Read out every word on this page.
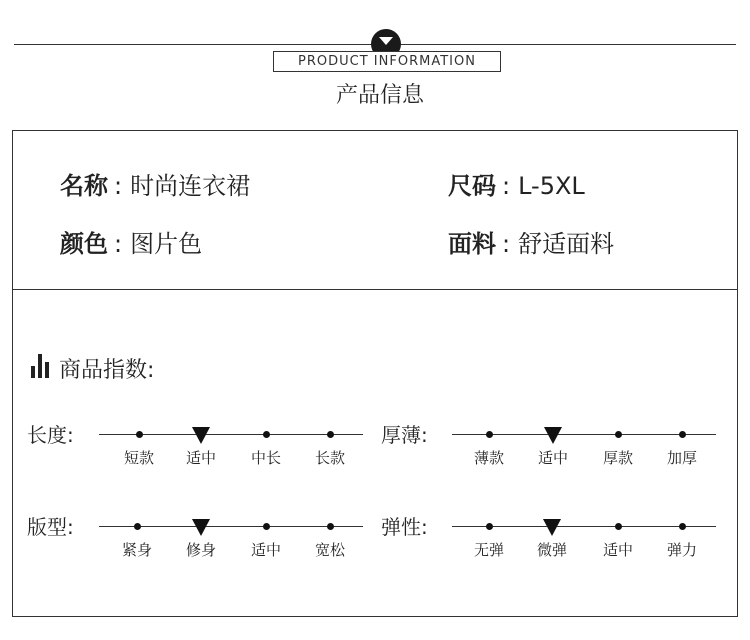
PRODUCT INFORMATION
产品信息
名称 : 时尚连衣裙	尺码 : L-5XL
颜色 : 图片色	面料 : 舒适面料
商品指数:
长度:
短款	适中	中长	长款
厚薄:
薄款	适中	厚款	加厚
版型:
紧身	修身	适中	宽松
弹性:
无弹	微弹	适中	弹力
